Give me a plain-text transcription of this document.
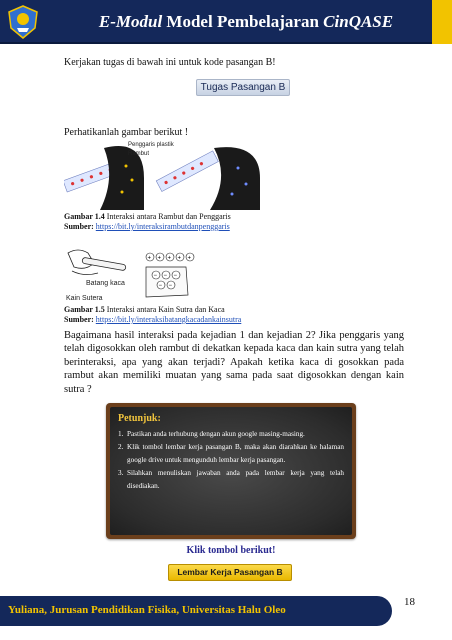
E-Modul Model Pembelajaran CinQASE
Kerjakan tugas di bawah ini untuk kode pasangan B!
Tugas Pasangan B
Perhatikanlah gambar berikut !
Penggaris plastik
Rambut
Gambar 1.4 Interaksi antara Rambut dan Penggaris
Sumber: https://bit.ly/interaksirambutdanpenggaris
+ + + + +
− − −
− −
Batang kaca
Kain Sutera
Gambar 1.5 Interaksi antara Kain Sutra dan Kaca
Sumber: https://bit.ly/interaksibatangkacadankainsutra
Bagaimana hasil interaksi pada kejadian 1 dan kejadian 2? Jika penggaris yang telah digosokkan oleh rambut di dekatkan kepada kaca dan kain sutra yang telah berinteraksi, apa yang akan terjadi? Apakah ketika kaca di gosokkan pada rambut akan memiliki muatan yang sama pada saat digosokkan dengan kain sutra ?
Petunjuk:
1. Pastikan anda terhubung dengan akun google masing-masing.
2. Klik tombol lembar kerja pasangan B, maka akan diarahkan ke halaman google drive untuk mengunduh lembar kerja pasangan.
3. Silahkan menuliskan jawaban anda pada lembar kerja yang telah disediakan.
Klik tombol berikut!
Lembar Kerja Pasangan B
Yuliana, Jurusan Pendidikan Fisika, Universitas Halu Oleo
18
